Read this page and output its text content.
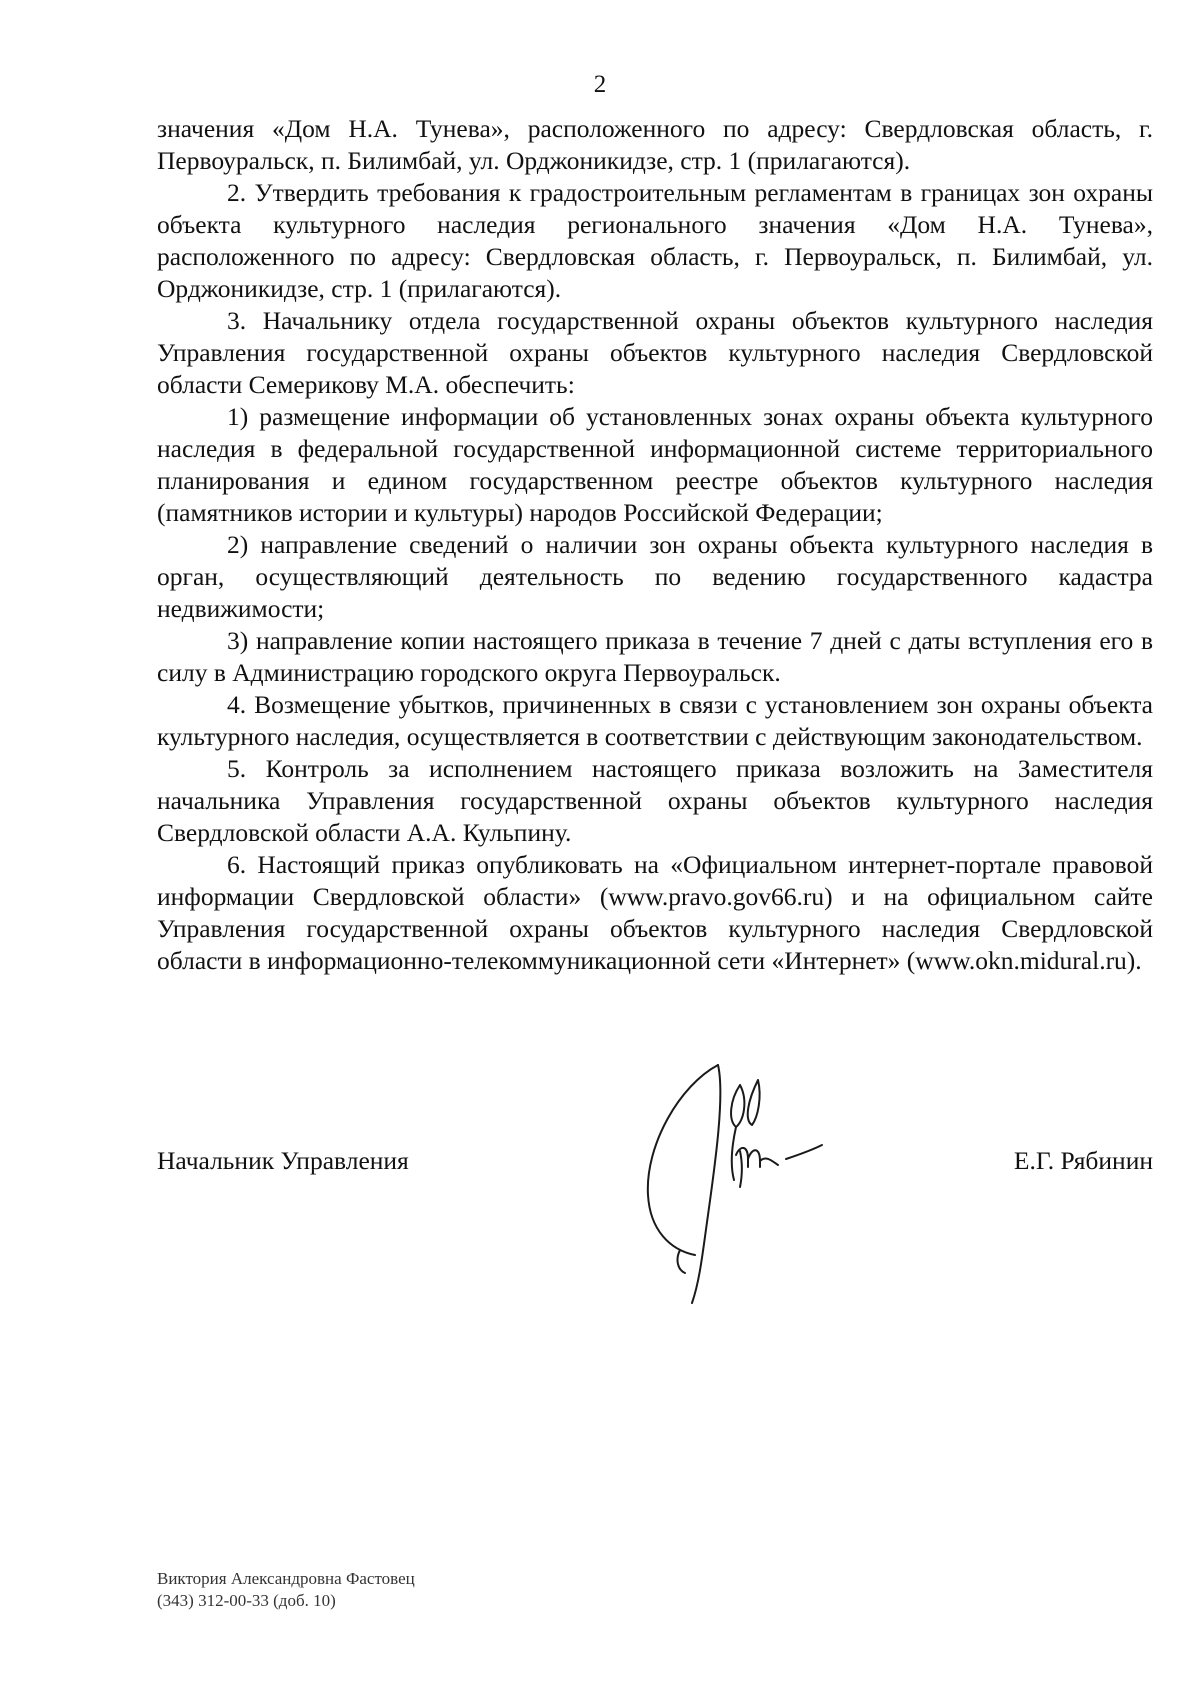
2

значения «Дом Н.А. Тунева», расположенного по адресу: Свердловская область, г. Первоуральск, п. Билимбай, ул. Орджоникидзе, стр. 1 (прилагаются).

2. Утвердить требования к градостроительным регламентам в границах зон охраны объекта культурного наследия регионального значения «Дом Н.А. Тунева», расположенного по адресу: Свердловская область, г. Первоуральск, п. Билимбай, ул. Орджоникидзе, стр. 1 (прилагаются).

3. Начальнику отдела государственной охраны объектов культурного наследия Управления государственной охраны объектов культурного наследия Свердловской области Семерикову М.А. обеспечить:

1) размещение информации об установленных зонах охраны объекта культурного наследия в федеральной государственной информационной системе территориального планирования и едином государственном реестре объектов культурного наследия (памятников истории и культуры) народов Российской Федерации;

2) направление сведений о наличии зон охраны объекта культурного наследия в орган, осуществляющий деятельность по ведению государственного кадастра недвижимости;

3) направление копии настоящего приказа в течение 7 дней с даты вступления его в силу в Администрацию городского округа Первоуральск.

4. Возмещение убытков, причиненных в связи с установлением зон охраны объекта культурного наследия, осуществляется в соответствии с действующим законодательством.

5. Контроль за исполнением настоящего приказа возложить на Заместителя начальника Управления государственной охраны объектов культурного наследия Свердловской области А.А. Кульпину.

6. Настоящий приказ опубликовать на «Официальном интернет-портале правовой информации Свердловской области» (www.pravo.gov66.ru) и на официальном сайте Управления государственной охраны объектов культурного наследия Свердловской области в информационно-телекоммуникационной сети «Интернет» (www.okn.midural.ru).

Начальник Управления	Е.Г. Рябинин
Виктория Александровна Фастовец
(343) 312-00-33 (доб. 10)
